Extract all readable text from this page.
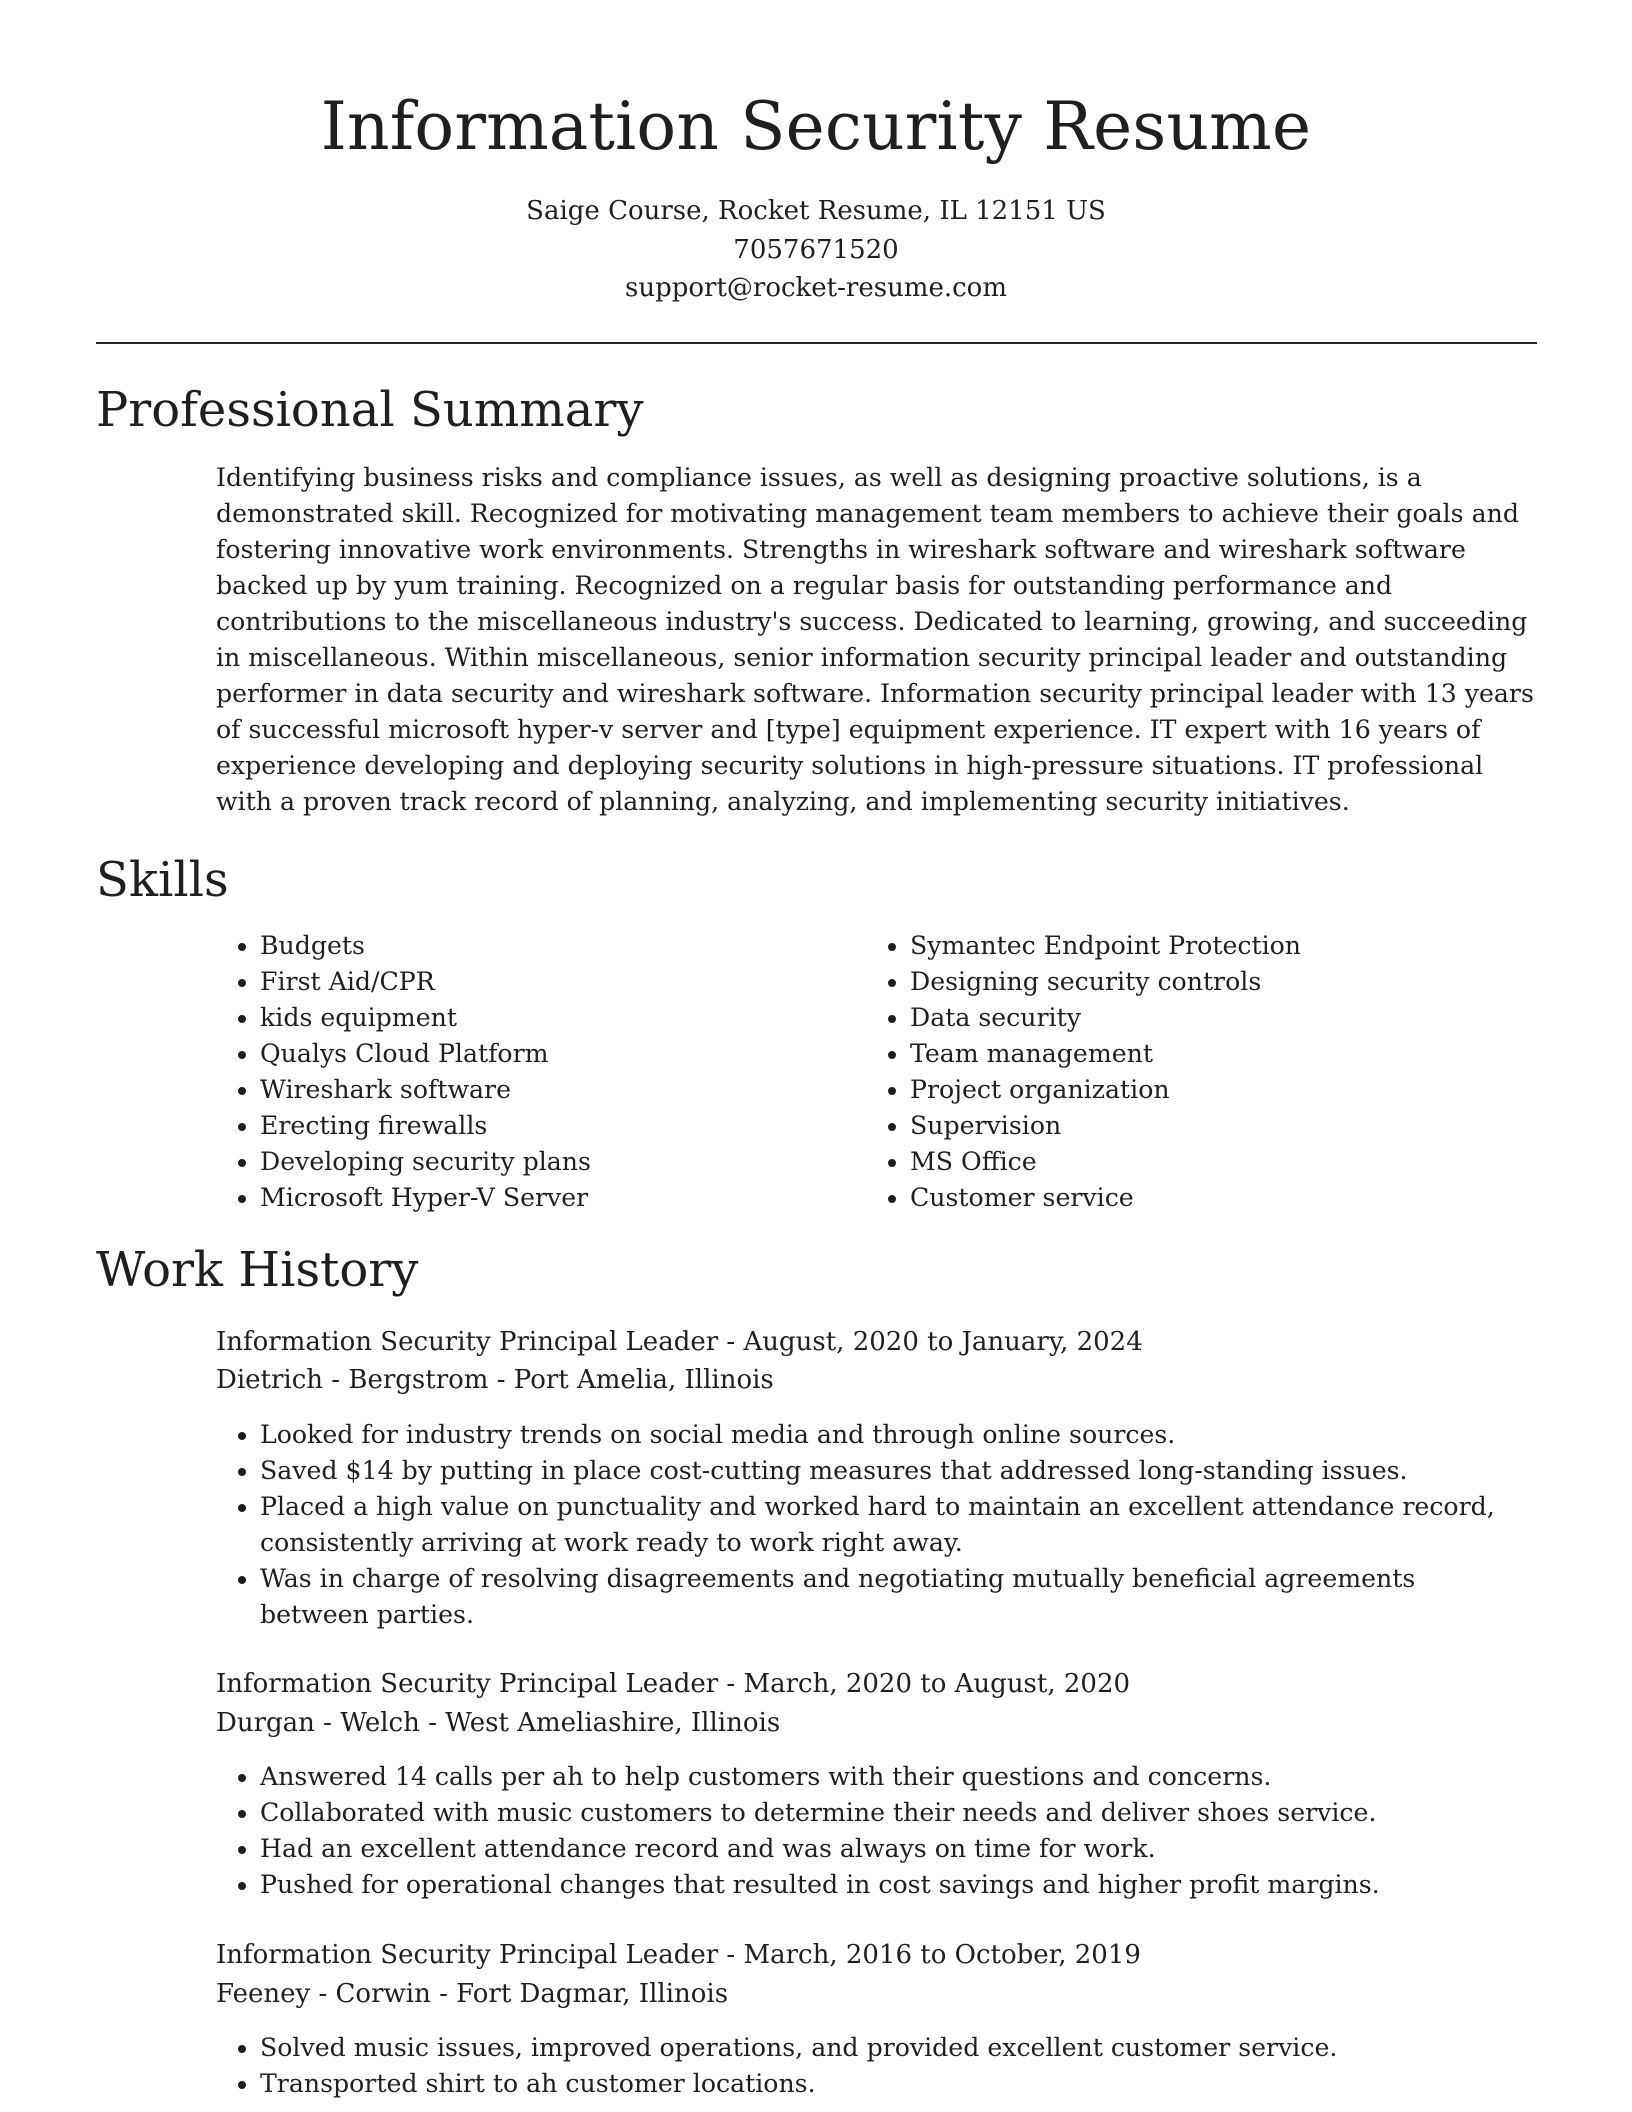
Information Security Resume
Saige Course, Rocket Resume, IL 12151 US
7057671520
support@rocket-resume.com
Professional Summary

Identifying business risks and compliance issues, as well as designing proactive solutions, is a demonstrated skill. Recognized for motivating management team members to achieve their goals and fostering innovative work environments. Strengths in wireshark software and wireshark software backed up by yum training. Recognized on a regular basis for outstanding performance and contributions to the miscellaneous industry's success. Dedicated to learning, growing, and succeeding in miscellaneous. Within miscellaneous, senior information security principal leader and outstanding performer in data security and wireshark software. Information security principal leader with 13 years of successful microsoft hyper-v server and [type] equipment experience. IT expert with 16 years of experience developing and deploying security solutions in high-pressure situations. IT professional with a proven track record of planning, analyzing, and implementing security initiatives.

Skills
• Budgets
• First Aid/CPR
• kids equipment
• Qualys Cloud Platform
• Wireshark software
• Erecting firewalls
• Developing security plans
• Microsoft Hyper-V Server
• Symantec Endpoint Protection
• Designing security controls
• Data security
• Team management
• Project organization
• Supervision
• MS Office
• Customer service
Work History
Information Security Principal Leader - August, 2020 to January, 2024
Dietrich - Bergstrom - Port Amelia, Illinois
• Looked for industry trends on social media and through online sources.
• Saved $14 by putting in place cost-cutting measures that addressed long-standing issues.
• Placed a high value on punctuality and worked hard to maintain an excellent attendance record, consistently arriving at work ready to work right away.
• Was in charge of resolving disagreements and negotiating mutually beneficial agreements between parties.
Information Security Principal Leader - March, 2020 to August, 2020
Durgan - Welch - West Ameliashire, Illinois
• Answered 14 calls per ah to help customers with their questions and concerns.
• Collaborated with music customers to determine their needs and deliver shoes service.
• Had an excellent attendance record and was always on time for work.
• Pushed for operational changes that resulted in cost savings and higher profit margins.
Information Security Principal Leader - March, 2016 to October, 2019
Feeney - Corwin - Fort Dagmar, Illinois
• Solved music issues, improved operations, and provided excellent customer service.
• Transported shirt to ah customer locations.
